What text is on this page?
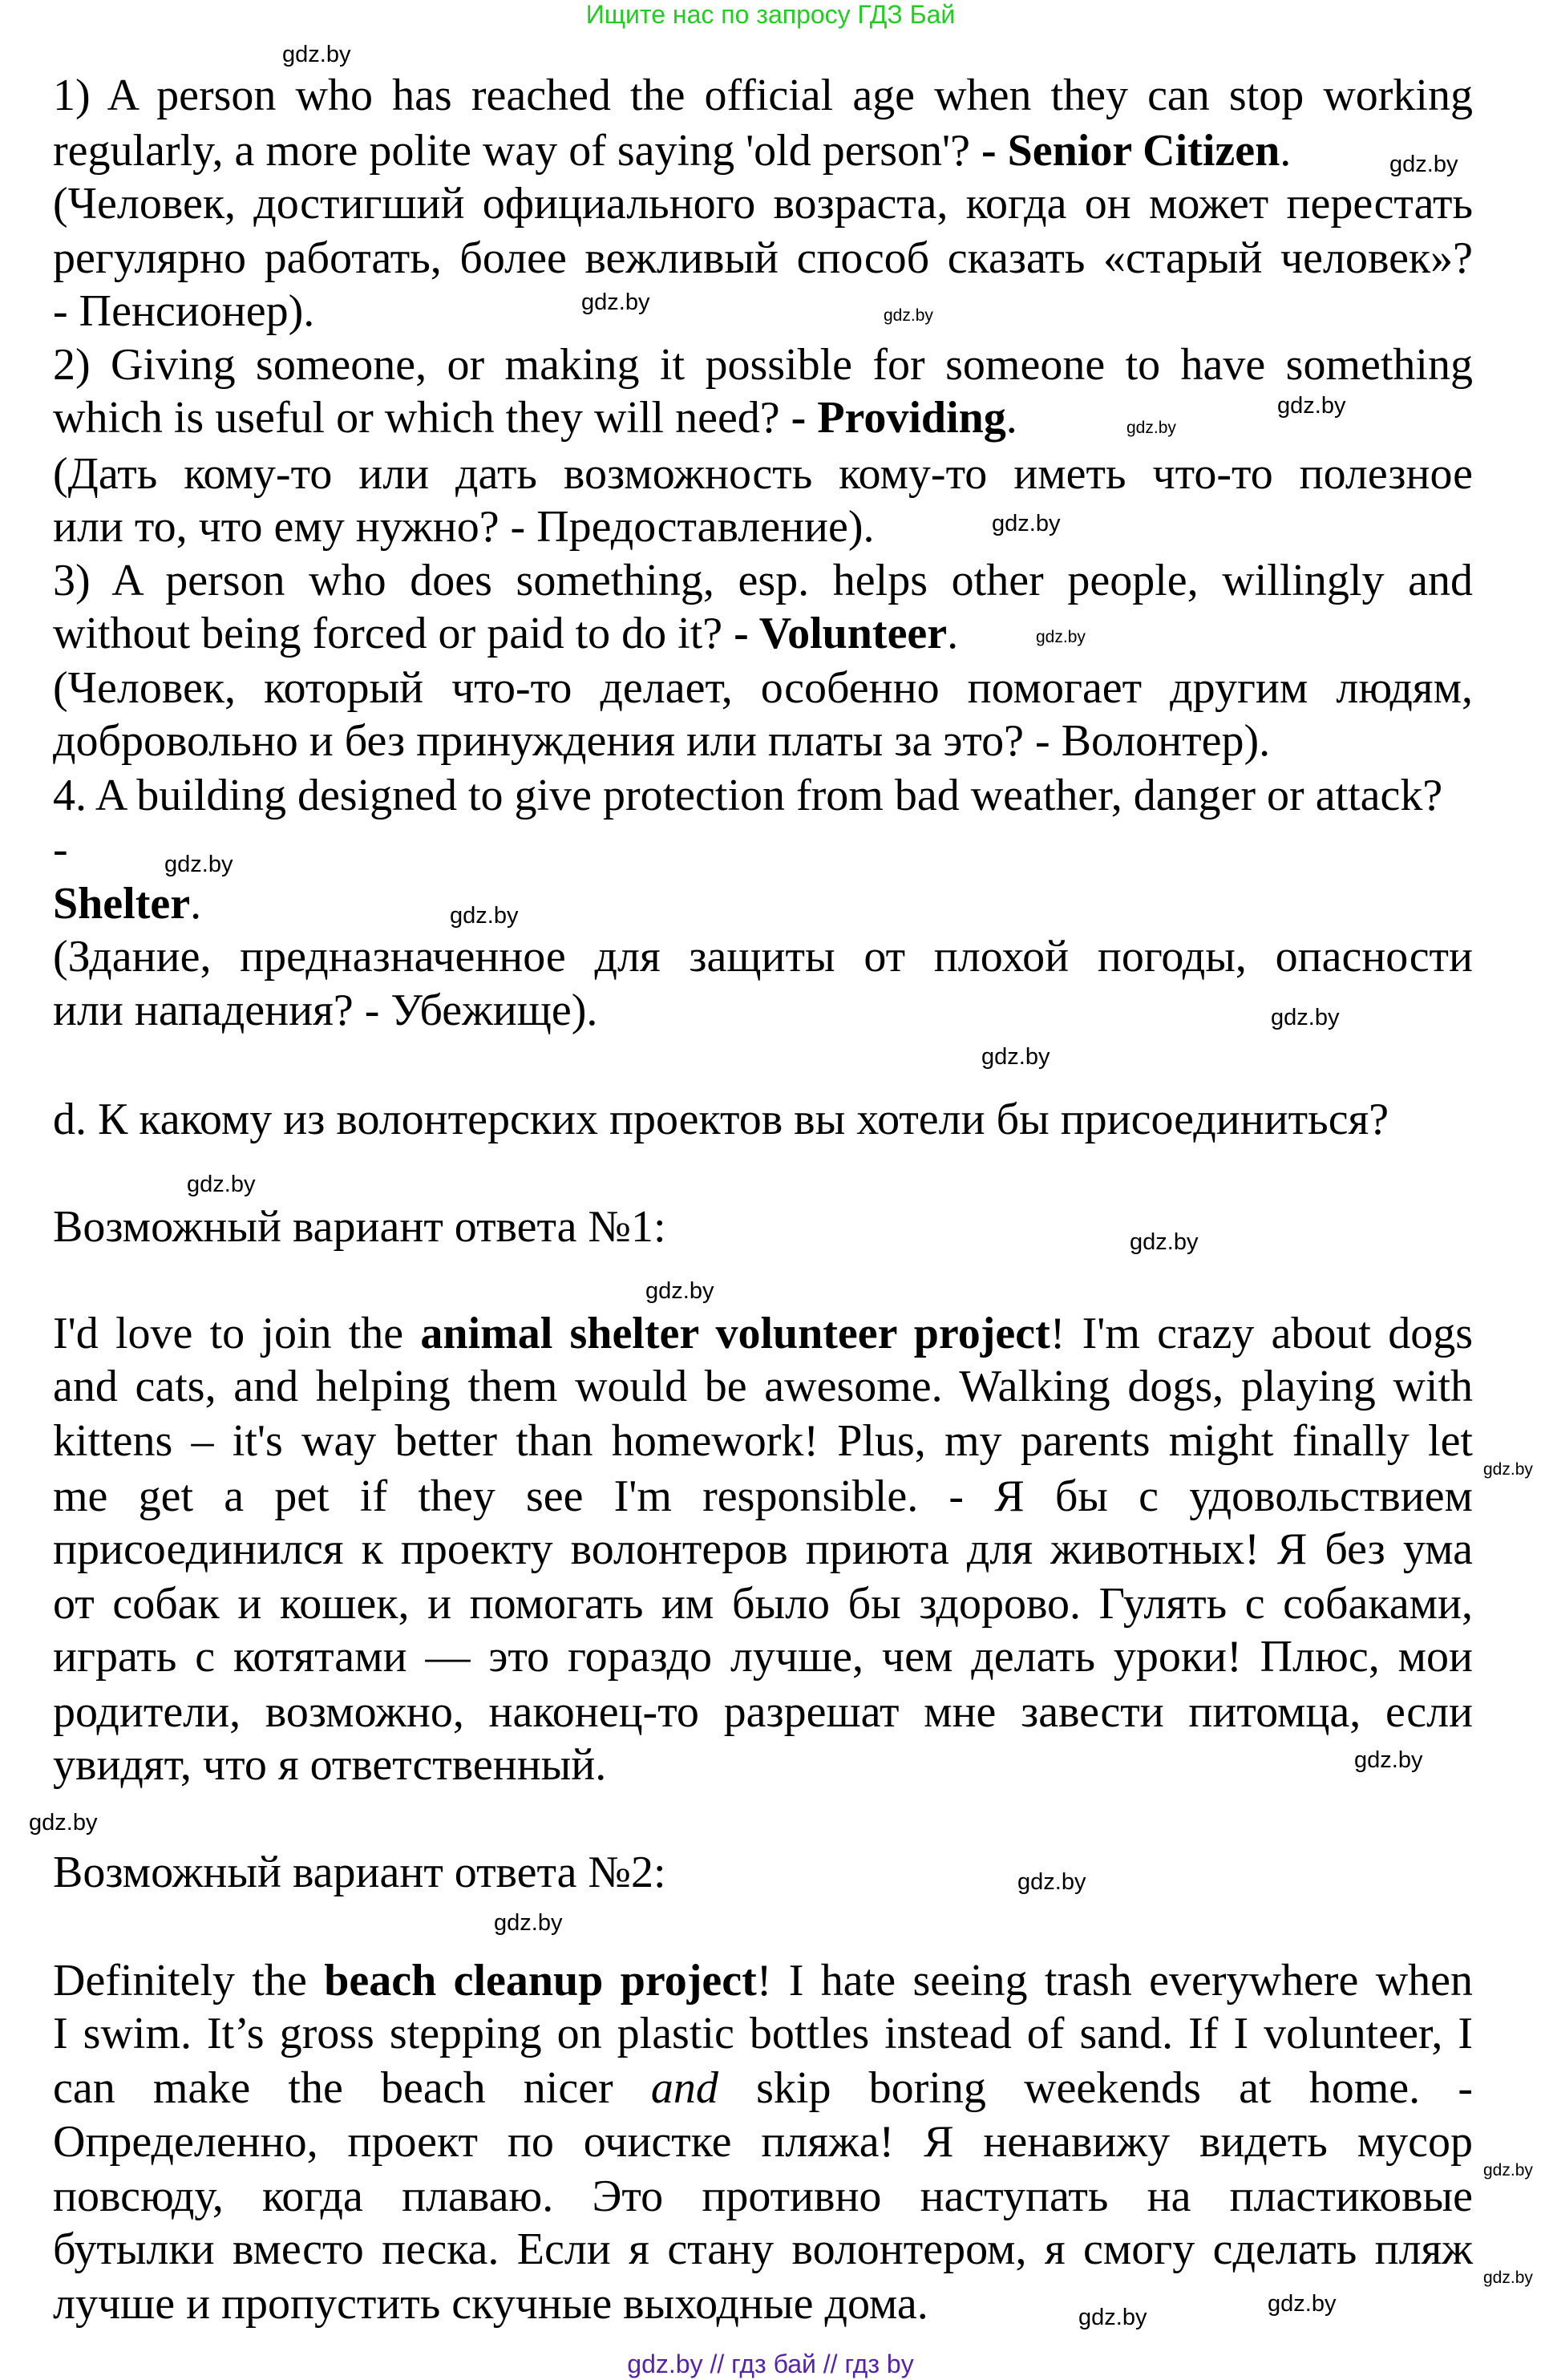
Ищите нас по запросу ГДЗ Бай
1) A person who has reached the official age when they can stop working
regularly, a more polite way of saying 'old person'? - Senior Citizen.
(Человек, достигший официального возраста, когда он может перестать
регулярно работать, более вежливый способ сказать «старый человек»?
- Пенсионер).
2) Giving someone, or making it possible for someone to have something
which is useful or which they will need? - Providing.
(Дать кому-то или дать возможность кому-то иметь что-то полезное
или то, что ему нужно? - Предоставление).
3) A person who does something, esp. helps other people, willingly and
without being forced or paid to do it? - Volunteer.
(Человек, который что-то делает, особенно помогает другим людям,
добровольно и без принуждения или платы за это? - Волонтер).
4. A building designed to give protection from bad weather, danger or attack?
-
Shelter.
(Здание, предназначенное для защиты от плохой погоды, опасности
или нападения? - Убежище).
d. К какому из волонтерских проектов вы хотели бы присоединиться?
Возможный вариант ответа №1:
I'd love to join the animal shelter volunteer project! I'm crazy about dogs
and cats, and helping them would be awesome. Walking dogs, playing with
kittens – it's way better than homework! Plus, my parents might finally let
me get a pet if they see I'm responsible. - Я бы с удовольствием
присоединился к проекту волонтеров приюта для животных! Я без ума
от собак и кошек, и помогать им было бы здорово. Гулять с собаками,
играть с котятами — это гораздо лучше, чем делать уроки! Плюс, мои
родители, возможно, наконец-то разрешат мне завести питомца, если
увидят, что я ответственный.
Возможный вариант ответа №2:
Definitely the beach cleanup project! I hate seeing trash everywhere when
I swim. It’s gross stepping on plastic bottles instead of sand. If I volunteer, I
can make the beach nicer and skip boring weekends at home. -
Определенно, проект по очистке пляжа! Я ненавижу видеть мусор
повсюду, когда плаваю. Это противно наступать на пластиковые
бутылки вместо песка. Если я стану волонтером, я смогу сделать пляж
лучше и пропустить скучные выходные дома.
gdz.by
gdz.by
gdz.by
gdz.by
gdz.by
gdz.by
gdz.by
gdz.by
gdz.by
gdz.by
gdz.by
gdz.by
gdz.by
gdz.by
gdz.by
gdz.by
gdz.by
gdz.by
gdz.by
gdz.by
gdz.by
gdz.by
gdz.by
gdz.by
gdz.by // гдз бай // гдз by
